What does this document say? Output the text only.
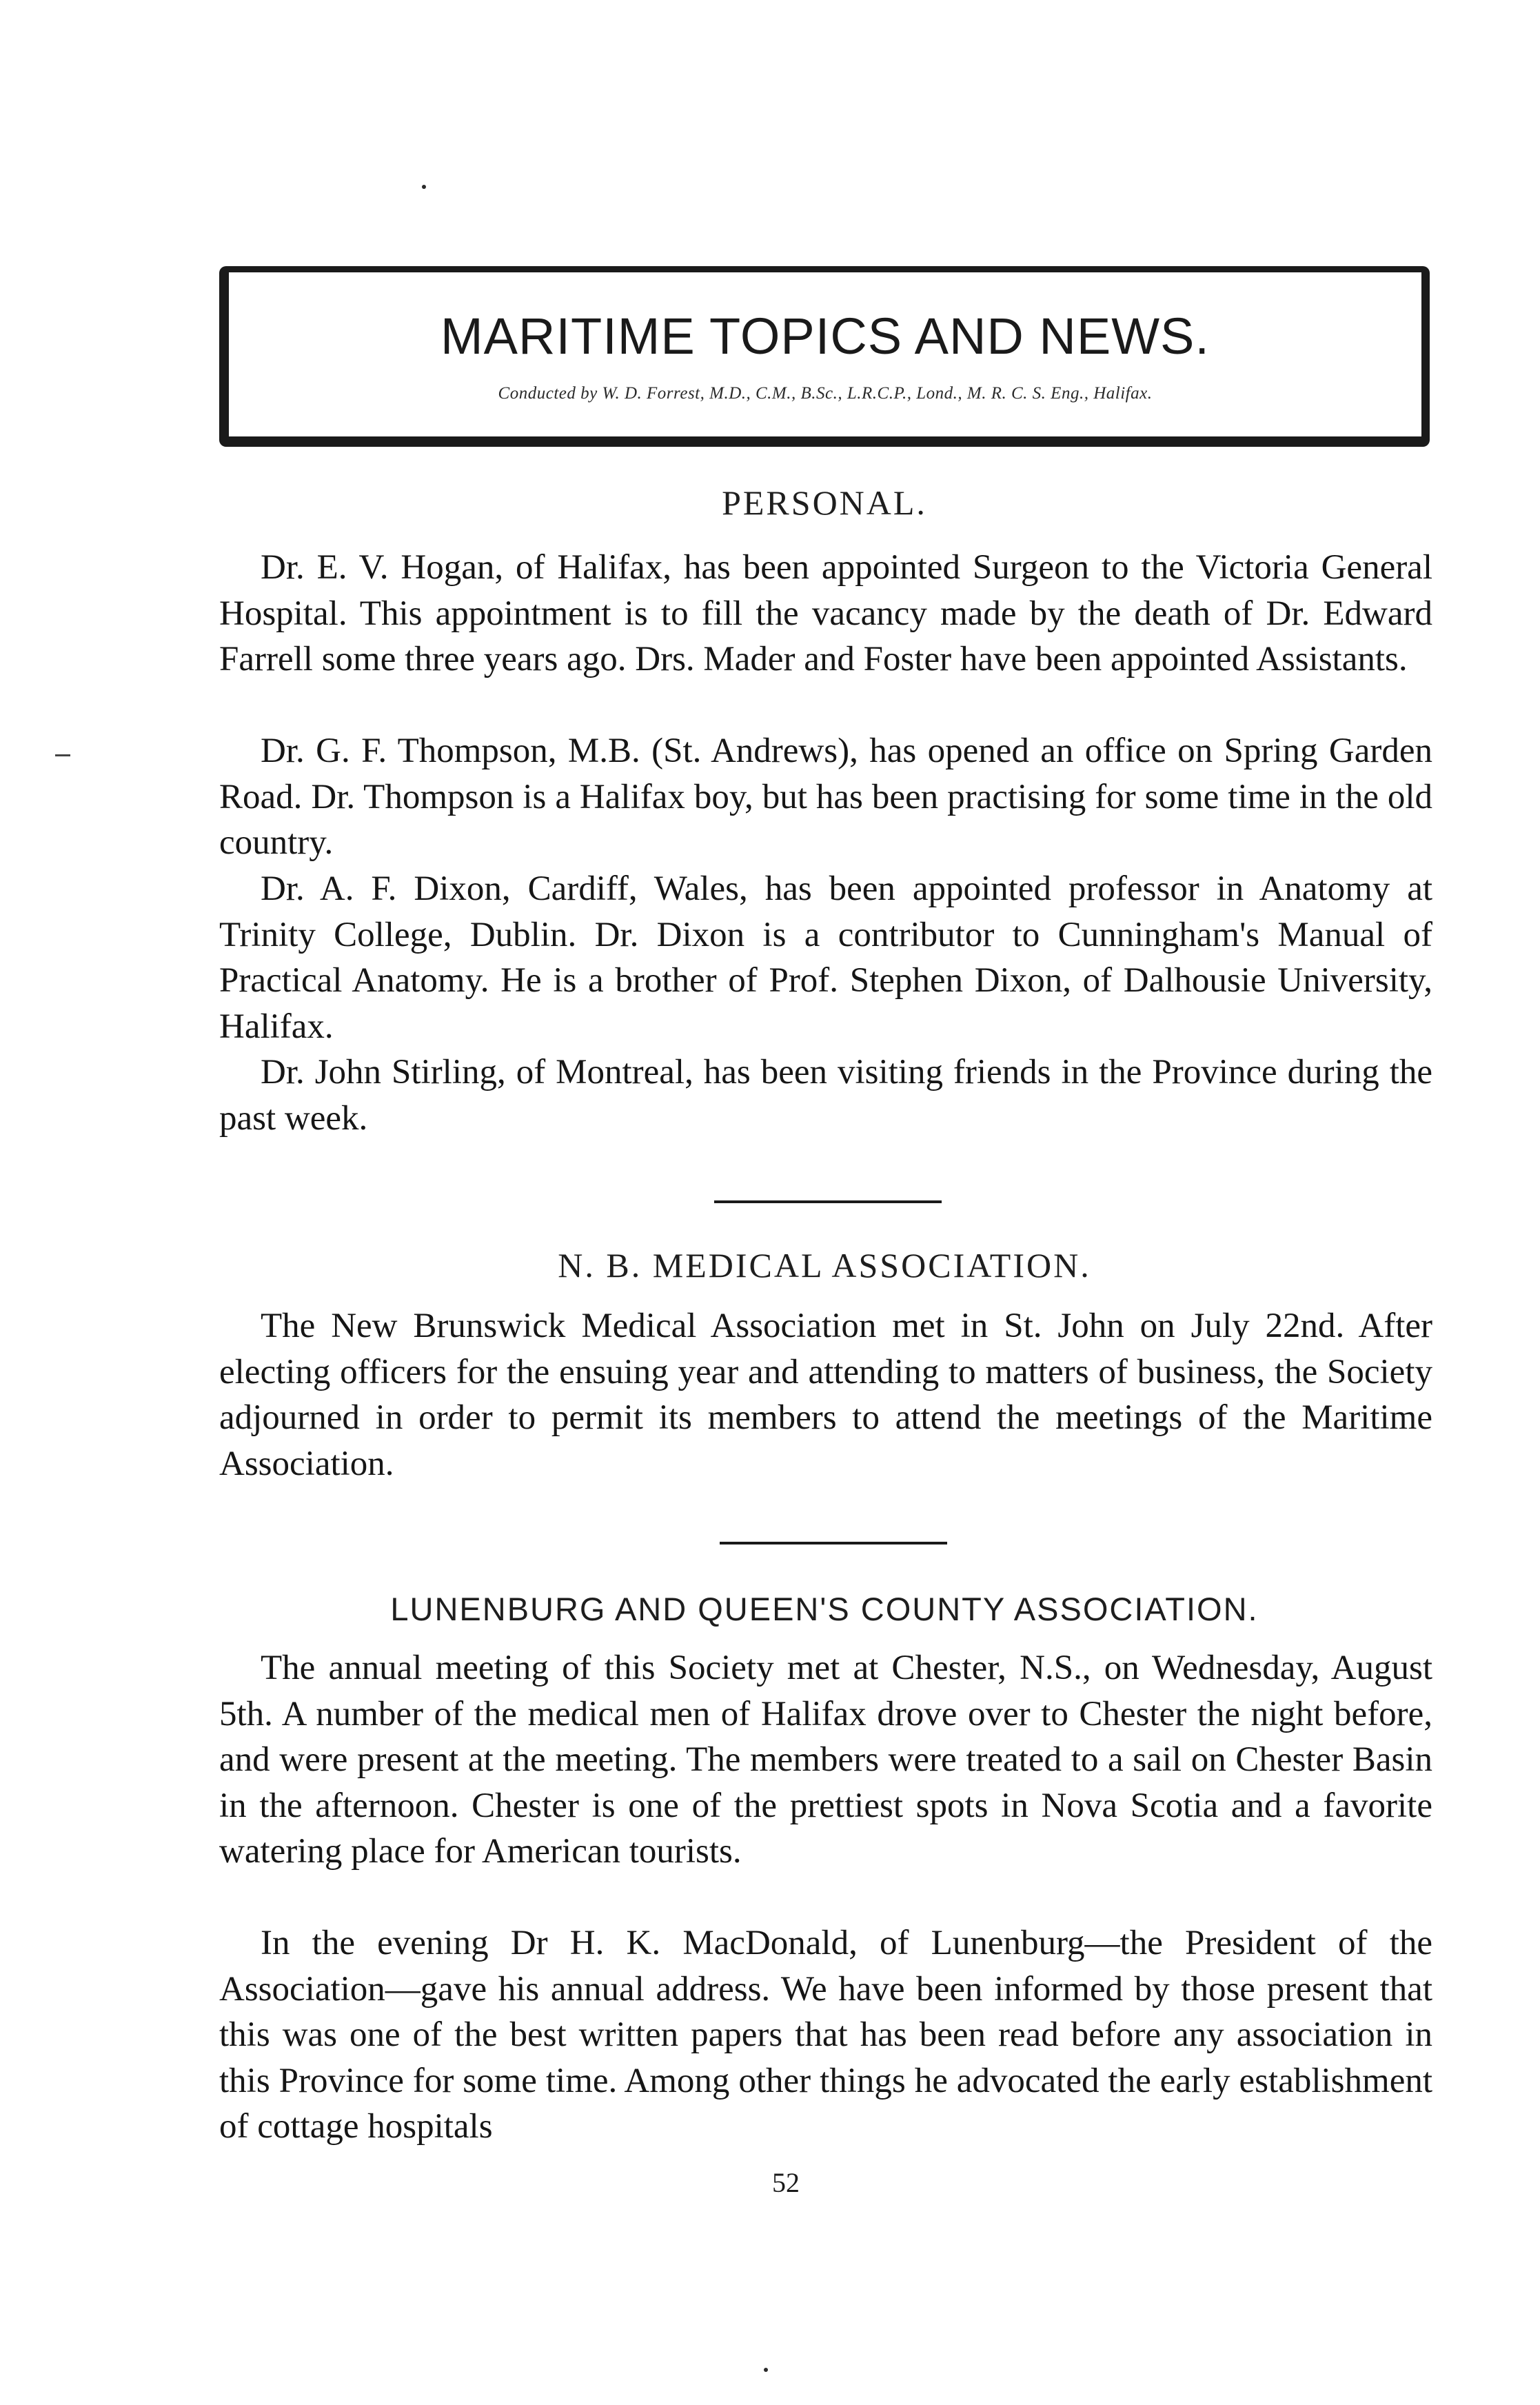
MARITIME TOPICS AND NEWS.
Conducted by W. D. Forrest, M.D., C.M., B.Sc., L.R.C.P., Lond., M. R. C. S. Eng., Halifax.
PERSONAL.
Dr. E. V. Hogan, of Halifax, has been appointed Surgeon to the Victoria General Hospital. This appointment is to fill the vacancy made by the death of Dr. Edward Farrell some three years ago. Drs. Mader and Foster have been appointed Assistants.
Dr. G. F. Thompson, M.B. (St. Andrews), has opened an office on Spring Garden Road. Dr. Thompson is a Halifax boy, but has been practising for some time in the old country.
Dr. A. F. Dixon, Cardiff, Wales, has been appointed professor in Anatomy at Trinity College, Dublin. Dr. Dixon is a contributor to Cunningham's Manual of Practical Anatomy. He is a brother of Prof. Stephen Dixon, of Dalhousie University, Halifax.
Dr. John Stirling, of Montreal, has been visiting friends in the Province during the past week.
N. B. MEDICAL ASSOCIATION.
The New Brunswick Medical Association met in St. John on July 22nd. After electing officers for the ensuing year and attending to matters of business, the Society adjourned in order to permit its members to attend the meetings of the Maritime Association.
LUNENBURG AND QUEEN'S COUNTY ASSOCIATION.
The annual meeting of this Society met at Chester, N.S., on Wednesday, August 5th. A number of the medical men of Halifax drove over to Chester the night before, and were present at the meeting. The members were treated to a sail on Chester Basin in the afternoon. Chester is one of the prettiest spots in Nova Scotia and a favorite watering place for American tourists.
In the evening Dr H. K. MacDonald, of Lunenburg—the President of the Association—gave his annual address. We have been informed by those present that this was one of the best written papers that has been read before any association in this Province for some time. Among other things he advocated the early establishment of cottage hospitals
52
